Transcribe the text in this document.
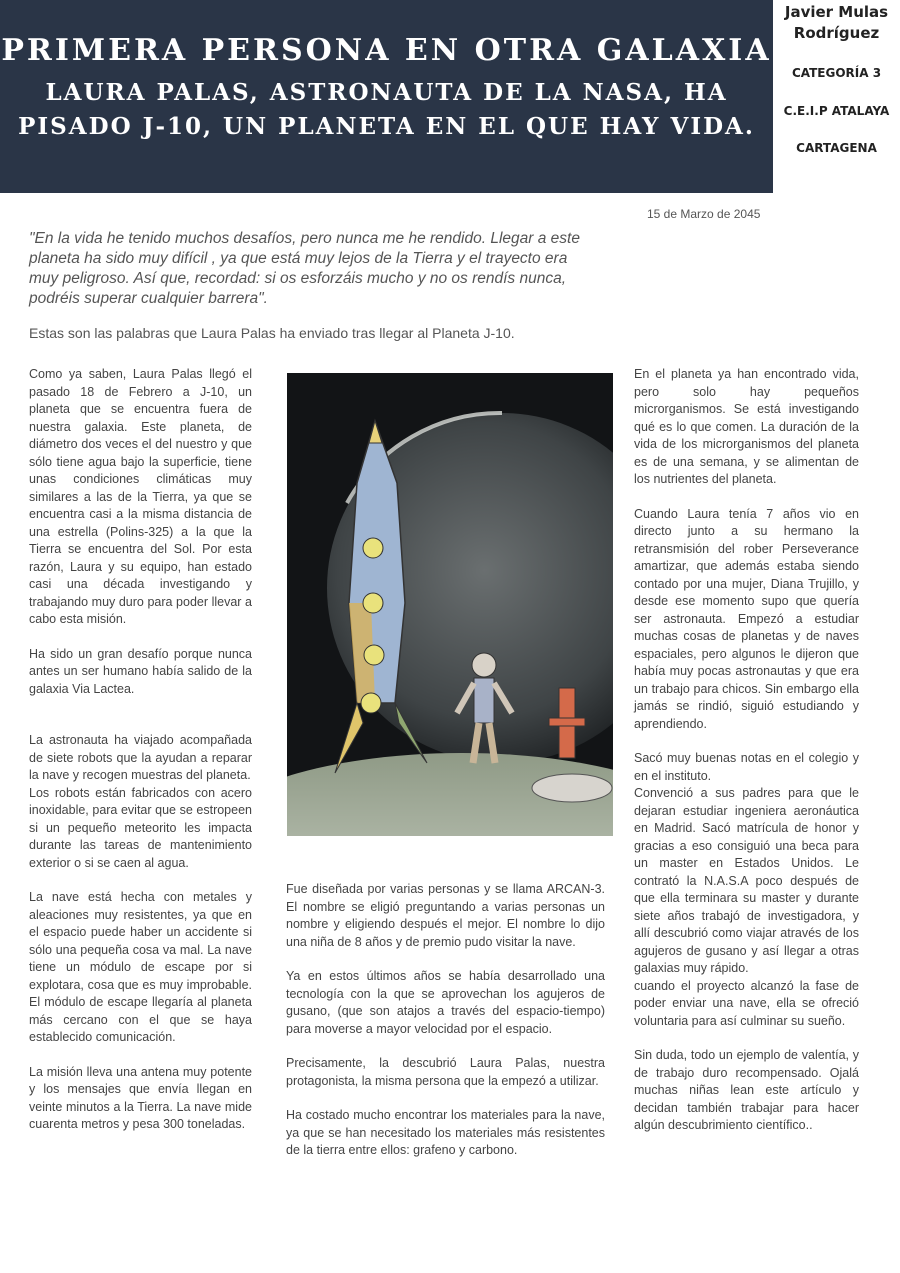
PRIMERA PERSONA EN OTRA GALAXIA
LAURA PALAS, ASTRONAUTA DE LA NASA, HA
PISADO J-10, UN PLANETA EN EL QUE HAY VIDA.
Javier Mulas
Rodríguez
CATEGORÍA 3
C.E.I.P ATALAYA
CARTAGENA
15 de Marzo de 2045
"En la vida he tenido muchos desafíos, pero nunca me he rendido. Llegar a este planeta ha sido muy difícil , ya que está muy lejos de la Tierra y el trayecto era muy peligroso. Así que, recordad: si os esforzáis mucho y no os rendís nunca, podréis superar cualquier barrera".
Estas son las palabras que Laura Palas ha enviado tras llegar al Planeta J-10.

Como ya saben, Laura Palas llegó el pasado 18 de Febrero a J-10, un planeta que se encuentra fuera de nuestra galaxia. Este planeta, de diámetro dos veces el del nuestro y que sólo tiene agua bajo la superficie, tiene unas condiciones climáticas muy similares a las de la Tierra, ya que se encuentra casi a la misma distancia de una estrella (Polins-325) a la que la Tierra se encuentra del Sol. Por esta razón, Laura y su equipo, han estado casi una década investigando y trabajando muy duro para poder llevar a cabo esta misión.

Ha sido un gran desafío porque nunca antes un ser humano había salido de la galaxia Via Lactea.

La astronauta ha viajado acompañada de siete robots que la ayudan a reparar la nave y recogen muestras del planeta.

Los robots están fabricados con acero inoxidable, para evitar que se estropeen si un pequeño meteorito les impacta durante las tareas de mantenimiento exterior o si se caen al agua.

La nave está hecha con metales y aleaciones muy resistentes, ya que en el espacio puede haber un accidente si sólo una pequeña cosa va mal. La nave tiene un módulo de escape por si explotara, cosa que es muy improbable. El módulo de escape llegaría al planeta más cercano con el que se haya establecido comunicación.

La misión lleva una antena muy potente y los mensajes que envía llegan en veinte minutos a la Tierra. La nave mide cuarenta metros y pesa 300 toneladas.

Fue diseñada por varias personas y se llama ARCAN-3. El nombre se eligió preguntando a varias personas un nombre y eligiendo después el mejor. El nombre lo dijo una niña de 8 años y de premio pudo visitar la nave.

Ya en estos últimos años se había desarrollado una tecnología con la que se aprovechan los agujeros de gusano, (que son atajos a través del espacio-tiempo) para moverse a mayor velocidad por el espacio.

Precisamente, la descubrió Laura Palas, nuestra protagonista, la misma persona que la empezó a utilizar.

Ha costado mucho encontrar los materiales para la nave, ya que se han necesitado los materiales más resistentes de la tierra entre ellos: grafeno y carbono.

En el planeta ya han encontrado vida, pero solo hay pequeños microrganismos. Se está investigando qué es lo que comen. La duración de la vida de los microrganismos del planeta es de una semana, y se alimentan de los nutrientes del planeta.

Cuando Laura tenía 7 años vio en directo junto a su hermano la retransmisión del rober Perseverance amartizar, que además estaba siendo contado por una mujer, Diana Trujillo, y desde ese momento supo que quería ser astronauta. Empezó a estudiar muchas cosas de planetas y de naves espaciales, pero algunos le dijeron que había muy pocas astronautas y que era un trabajo para chicos. Sin embargo ella jamás se rindió, siguió estudiando y aprendiendo.

Sacó muy buenas notas en el colegio y en el instituto.

Convenció a sus padres para que le dejaran estudiar ingeniera aeronáutica en Madrid. Sacó matrícula de honor y gracias a eso consiguió una beca para un master en Estados Unidos. Le contrató la N.A.S.A poco después de que ella terminara su master y durante siete años trabajó de investigadora, y allí descubrió como viajar através de los agujeros de gusano y así llegar a otras galaxias muy rápido.

cuando el proyecto alcanzó la fase de poder enviar una nave, ella se ofreció voluntaria para así culminar su sueño.

Sin duda, todo un ejemplo de valentía, y de trabajo duro recompensado. Ojalá muchas niñas lean este artículo y decidan también trabajar para hacer algún descubrimiento científico..
